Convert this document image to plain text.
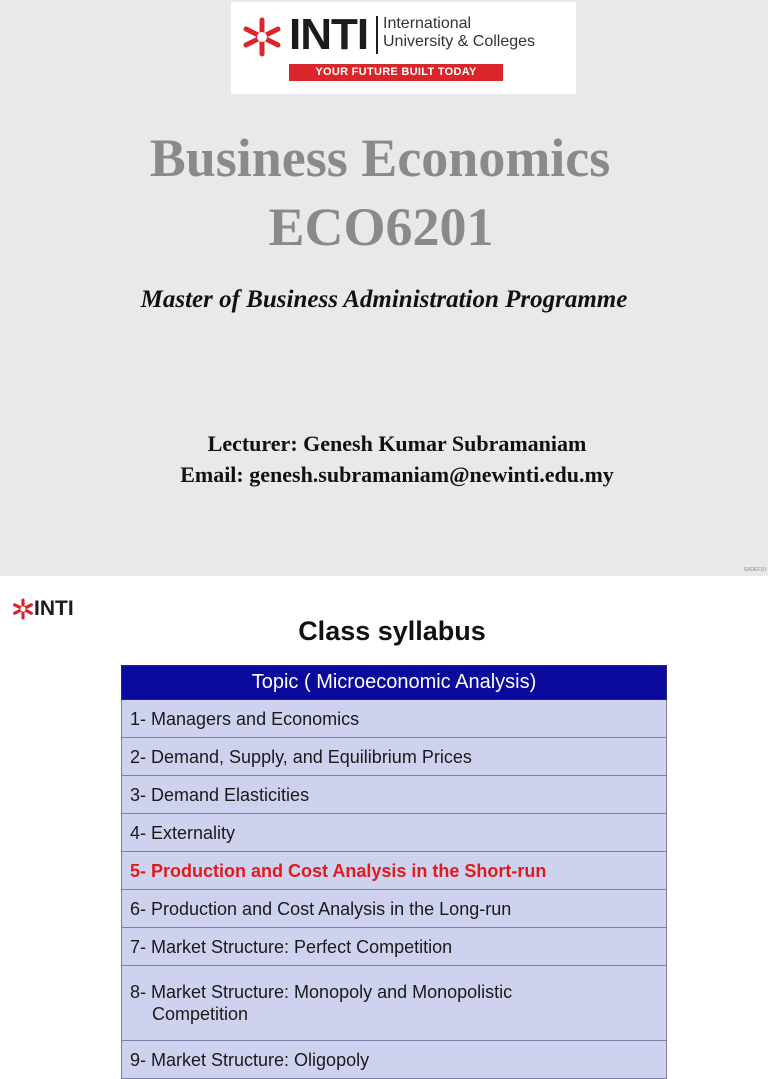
INTI International
University & Colleges
YOUR FUTURE BUILT TODAY
Business Economics
ECO6201
Master of Business Administration Programme
Lecturer: Genesh Kumar Subramaniam
Email: genesh.subramaniam@newinti.edu.my
SADEF10
INTI
Class syllabus
Topic ( Microeconomic Analysis)
1- Managers and Economics
2- Demand, Supply, and Equilibrium Prices
3- Demand Elasticities
4- Externality
5- Production and Cost Analysis in the Short-run
6- Production and Cost Analysis in the Long-run
7- Market Structure: Perfect Competition
8- Market Structure: Monopoly and Monopolistic
Competition

9- Market Structure: Oligopoly
